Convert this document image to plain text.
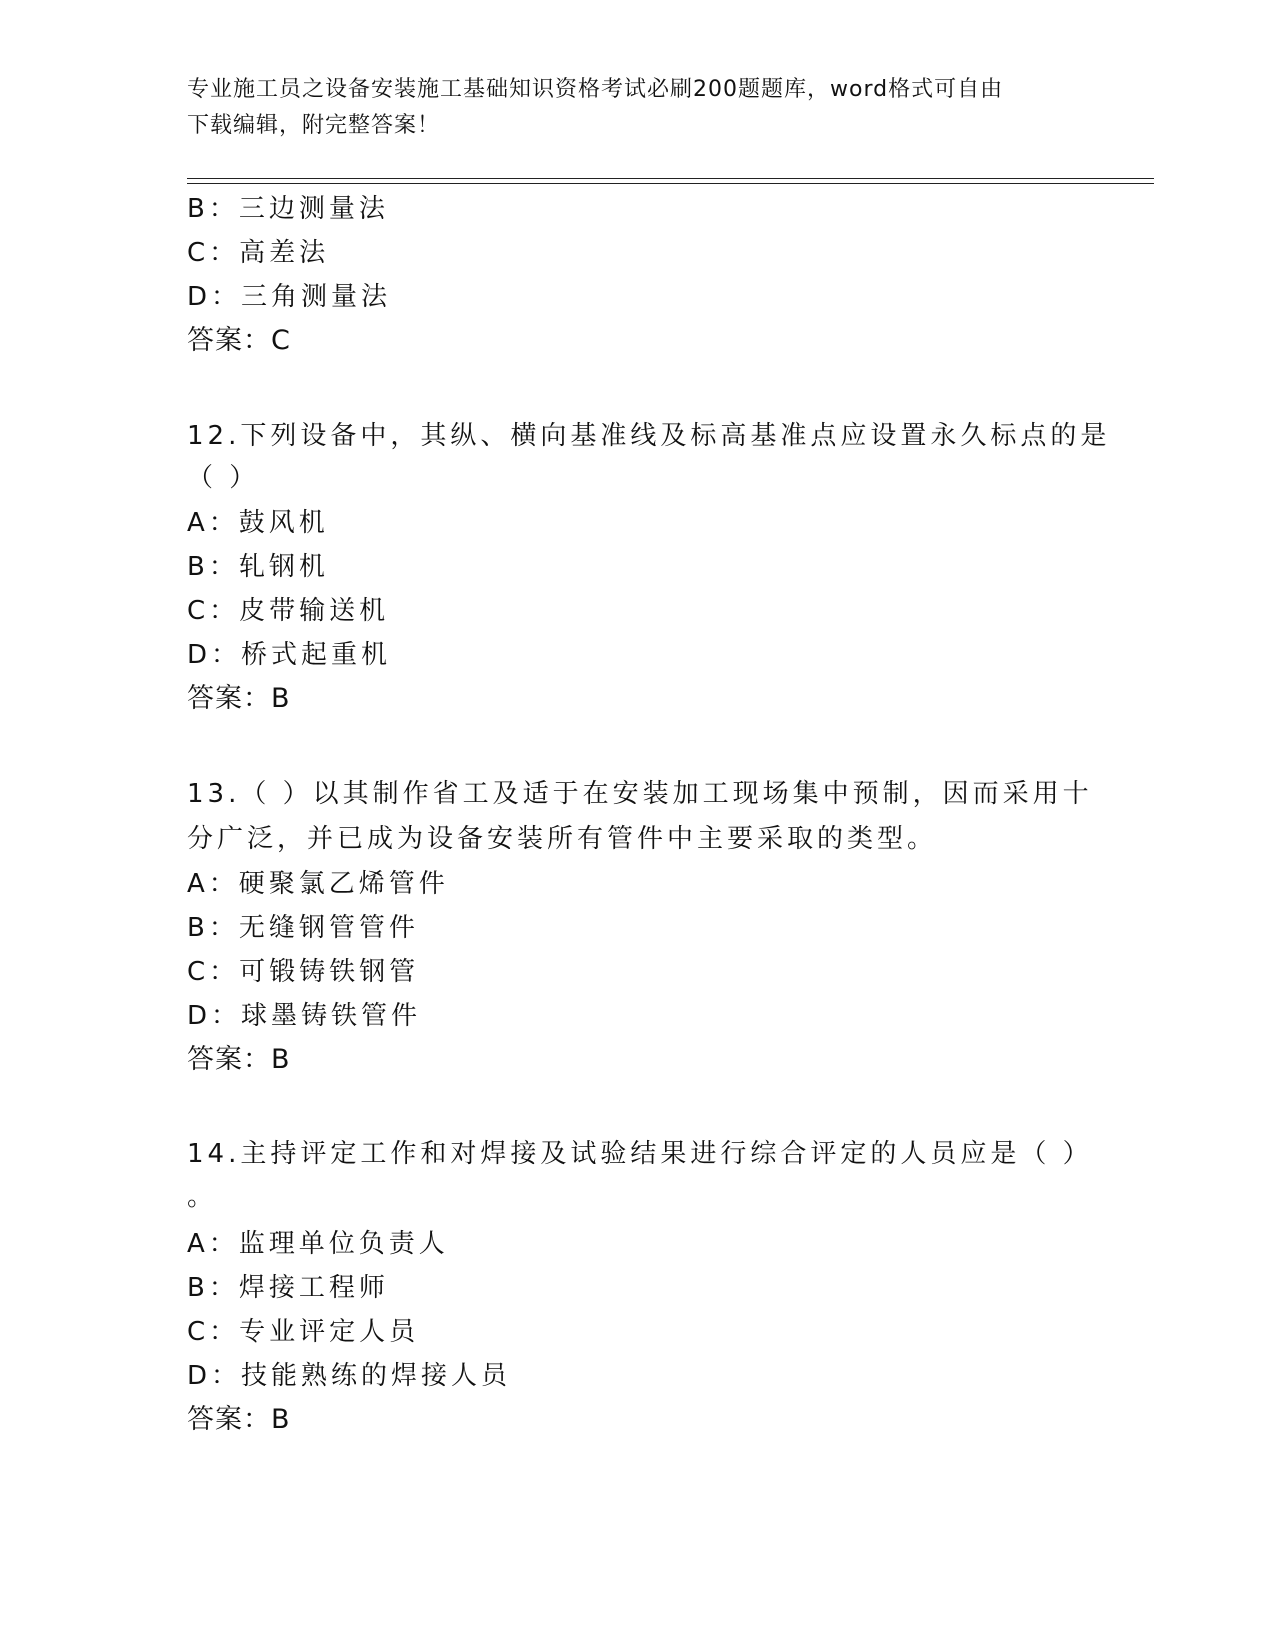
专业施工员之设备安装施工基础知识资格考试必刷200题题库，word格式可自由
下载编辑，附完整答案！
B：三边测量法
C：高差法
D：三角测量法
答案：C
12.下列设备中，其纵、横向基准线及标高基准点应设置永久标点的是
（ ）
A：鼓风机
B：轧钢机
C：皮带输送机
D：桥式起重机
答案：B
13.（ ）以其制作省工及适于在安装加工现场集中预制，因而采用十
分广泛，并已成为设备安装所有管件中主要采取的类型。
A：硬聚氯乙烯管件
B：无缝钢管管件
C：可锻铸铁钢管
D：球墨铸铁管件
答案：B
14.主持评定工作和对焊接及试验结果进行综合评定的人员应是（ ）
。
A：监理单位负责人
B：焊接工程师
C：专业评定人员
D：技能熟练的焊接人员
答案：B
